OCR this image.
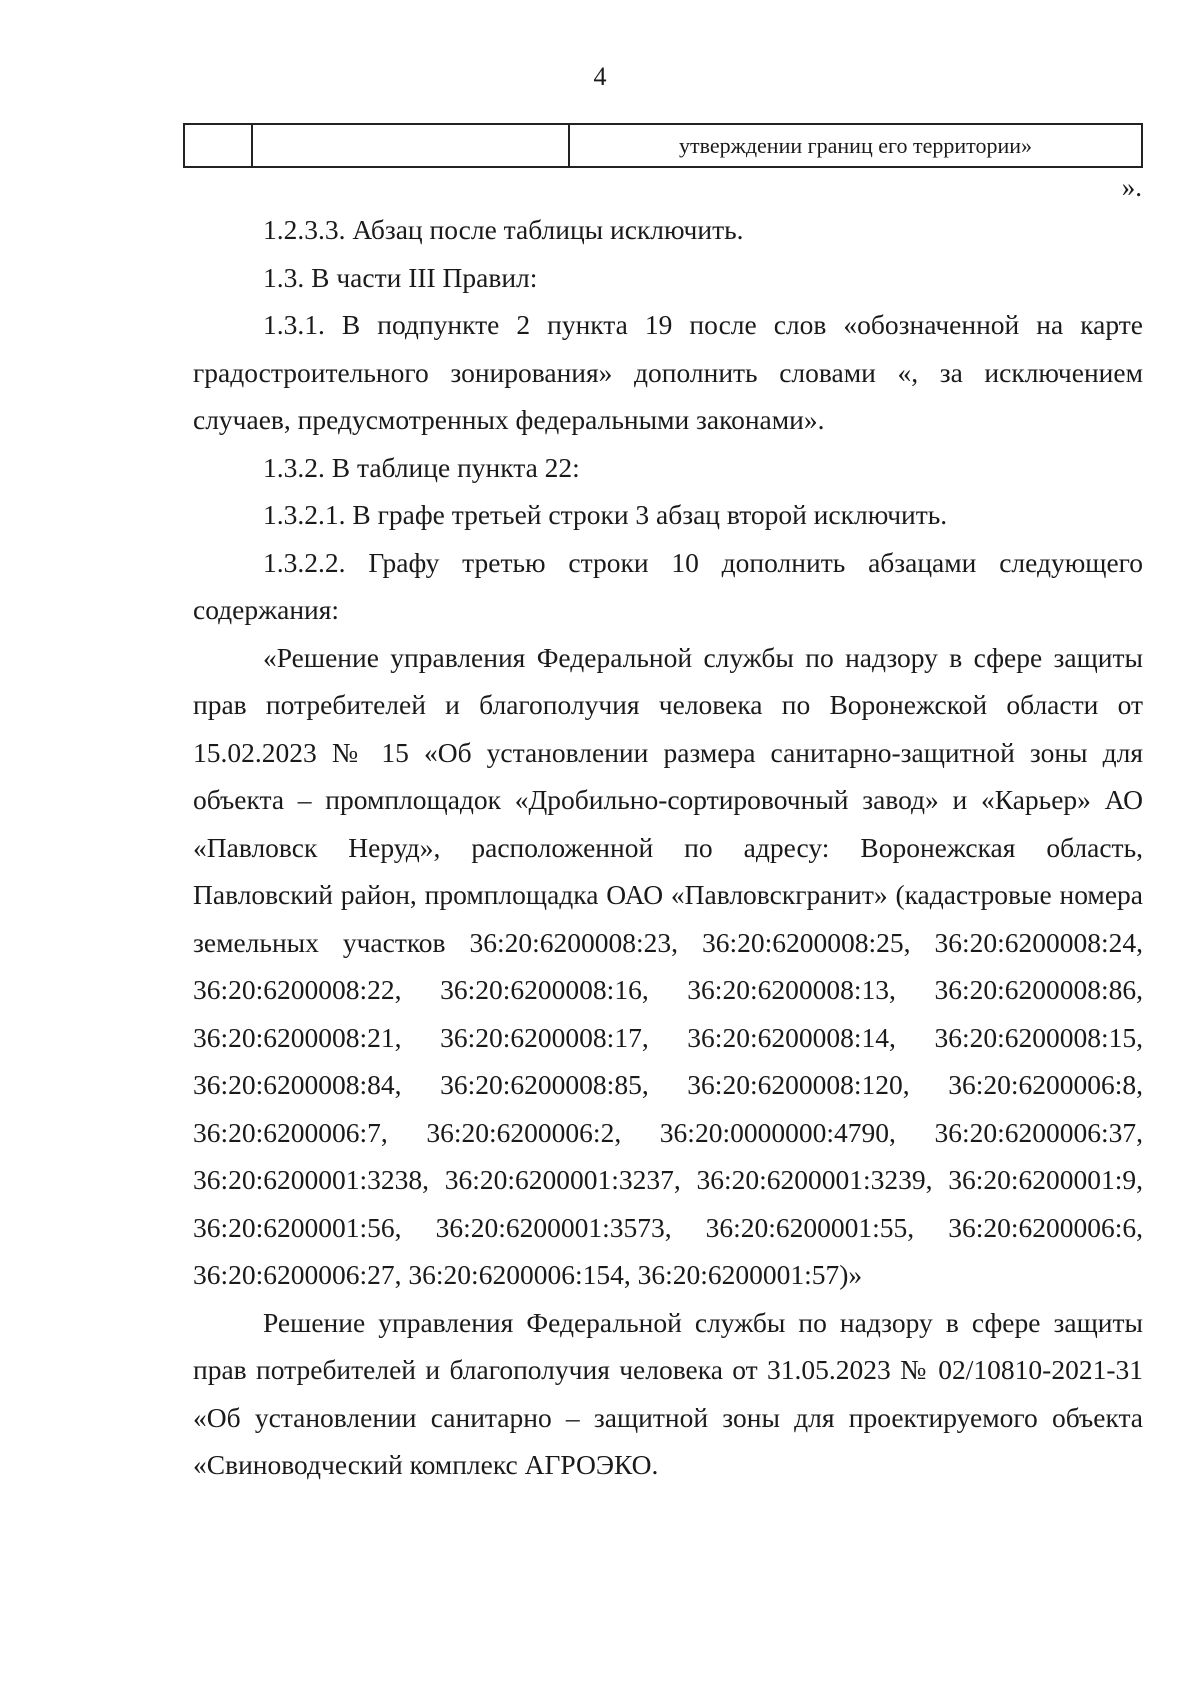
4
		утверждении границ его территории»
».

1.2.3.3. Абзац после таблицы исключить.

1.3. В части III Правил:

1.3.1. В подпункте 2 пункта 19 после слов «обозначенной на карте градостроительного зонирования» дополнить словами «, за исключением случаев, предусмотренных федеральными законами».

1.3.2. В таблице пункта 22:

1.3.2.1. В графе третьей строки 3 абзац второй исключить.

1.3.2.2. Графу третью строки 10 дополнить абзацами следующего содержания:

«Решение управления Федеральной службы по надзору в сфере защиты прав потребителей и благополучия человека по Воронежской области от 15.02.2023 № 15 «Об установлении размера санитарно-защитной зоны для объекта – промплощадок «Дробильно-сортировочный завод» и «Карьер» АО «Павловск Неруд», расположенной по адресу: Воронежская область, Павловский район, промплощадка ОАО «Павловскгранит» (кадастровые номера земельных участков 36:20:6200008:23, 36:20:6200008:25, 36:20:6200008:24, 36:20:6200008:22, 36:20:6200008:16, 36:20:6200008:13, 36:20:6200008:86, 36:20:6200008:21, 36:20:6200008:17, 36:20:6200008:14, 36:20:6200008:15, 36:20:6200008:84, 36:20:6200008:85, 36:20:6200008:120, 36:20:6200006:8, 36:20:6200006:7, 36:20:6200006:2, 36:20:0000000:4790, 36:20:6200006:37, 36:20:6200001:3238, 36:20:6200001:3237, 36:20:6200001:3239, 36:20:6200001:9, 36:20:6200001:56, 36:20:6200001:3573, 36:20:6200001:55, 36:20:6200006:6, 36:20:6200006:27, 36:20:6200006:154, 36:20:6200001:57)»

Решение управления Федеральной службы по надзору в сфере защиты прав потребителей и благополучия человека от 31.05.2023 № 02/10810-2021-31 «Об установлении санитарно – защитной зоны для проектируемого объекта «Свиноводческий комплекс АГРОЭКО.
